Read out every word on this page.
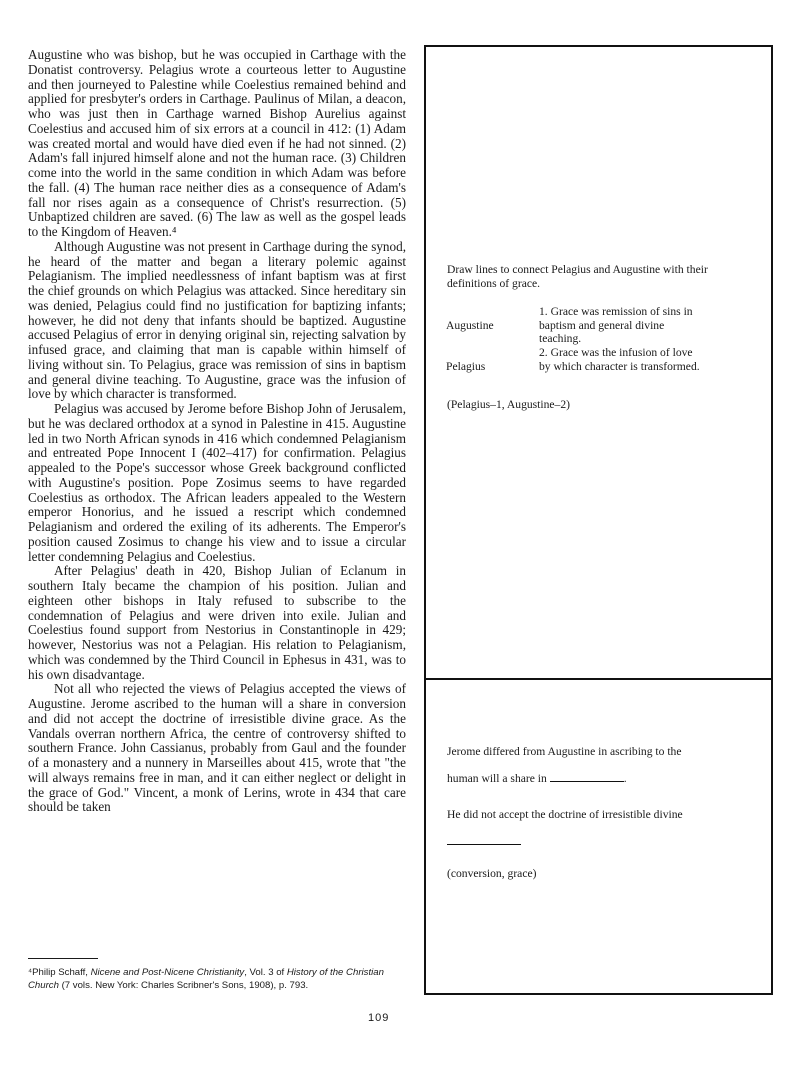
Augustine who was bishop, but he was occupied in Carthage with the Donatist controversy. Pelagius wrote a courteous letter to Augustine and then journeyed to Palestine while Coelestius remained behind and applied for presbyter's orders in Carthage. Paulinus of Milan, a deacon, who was just then in Carthage warned Bishop Aurelius against Coelestius and accused him of six errors at a council in 412: (1) Adam was created mortal and would have died even if he had not sinned. (2) Adam's fall injured himself alone and not the human race. (3) Children come into the world in the same condition in which Adam was before the fall. (4) The human race neither dies as a consequence of Adam's fall nor rises again as a consequence of Christ's resurrection. (5) Unbaptized children are saved. (6) The law as well as the gospel leads to the Kingdom of Heaven.⁴

Although Augustine was not present in Carthage during the synod, he heard of the matter and began a literary polemic against Pelagianism. The implied needlessness of infant baptism was at first the chief grounds on which Pelagius was attacked. Since hereditary sin was denied, Pelagius could find no justification for baptizing infants; however, he did not deny that infants should be baptized. Augustine accused Pelagius of error in denying original sin, rejecting salvation by infused grace, and claiming that man is capable within himself of living without sin. To Pelagius, grace was remission of sins in baptism and general divine teaching. To Augustine, grace was the infusion of love by which character is transformed.

Pelagius was accused by Jerome before Bishop John of Jerusalem, but he was declared orthodox at a synod in Palestine in 415. Augustine led in two North African synods in 416 which condemned Pelagianism and entreated Pope Innocent I (402–417) for confirmation. Pelagius appealed to the Pope's successor whose Greek background conflicted with Augustine's position. Pope Zosimus seems to have regarded Coelestius as orthodox. The African leaders appealed to the Western emperor Honorius, and he issued a rescript which condemned Pelagianism and ordered the exiling of its adherents. The Emperor's position caused Zosimus to change his view and to issue a circular letter condemning Pelagius and Coelestius.

After Pelagius' death in 420, Bishop Julian of Eclanum in southern Italy became the champion of his position. Julian and eighteen other bishops in Italy refused to subscribe to the condemnation of Pelagius and were driven into exile. Julian and Coelestius found support from Nestorius in Constantinople in 429; however, Nestorius was not a Pelagian. His relation to Pelagianism, which was condemned by the Third Council in Ephesus in 431, was to his own disadvantage.

Not all who rejected the views of Pelagius accepted the views of Augustine. Jerome ascribed to the human will a share in conversion and did not accept the doctrine of irresistible divine grace. As the Vandals overran northern Africa, the centre of controversy shifted to southern France. John Cassianus, probably from Gaul and the founder of a monastery and a nunnery in Marseilles about 415, wrote that "the will always remains free in man, and it can either neglect or delight in the grace of God." Vincent, a monk of Lerins, wrote in 434 that care should be taken

⁴Philip Schaff, Nicene and Post-Nicene Christianity, Vol. 3 of History of the Christian Church (7 vols. New York: Charles Scribner's Sons, 1908), p. 793.
109
Draw lines to connect Pelagius and Augustine with their definitions of grace.
Augustine
Pelagius
1. Grace was remission of sins in baptism and general divine teaching.
2. Grace was the infusion of love by which character is transformed.
(Pelagius–1, Augustine–2)
Jerome differed from Augustine in ascribing to the
human will a share in	.
He did not accept the doctrine of irresistible divine
(conversion, grace)
